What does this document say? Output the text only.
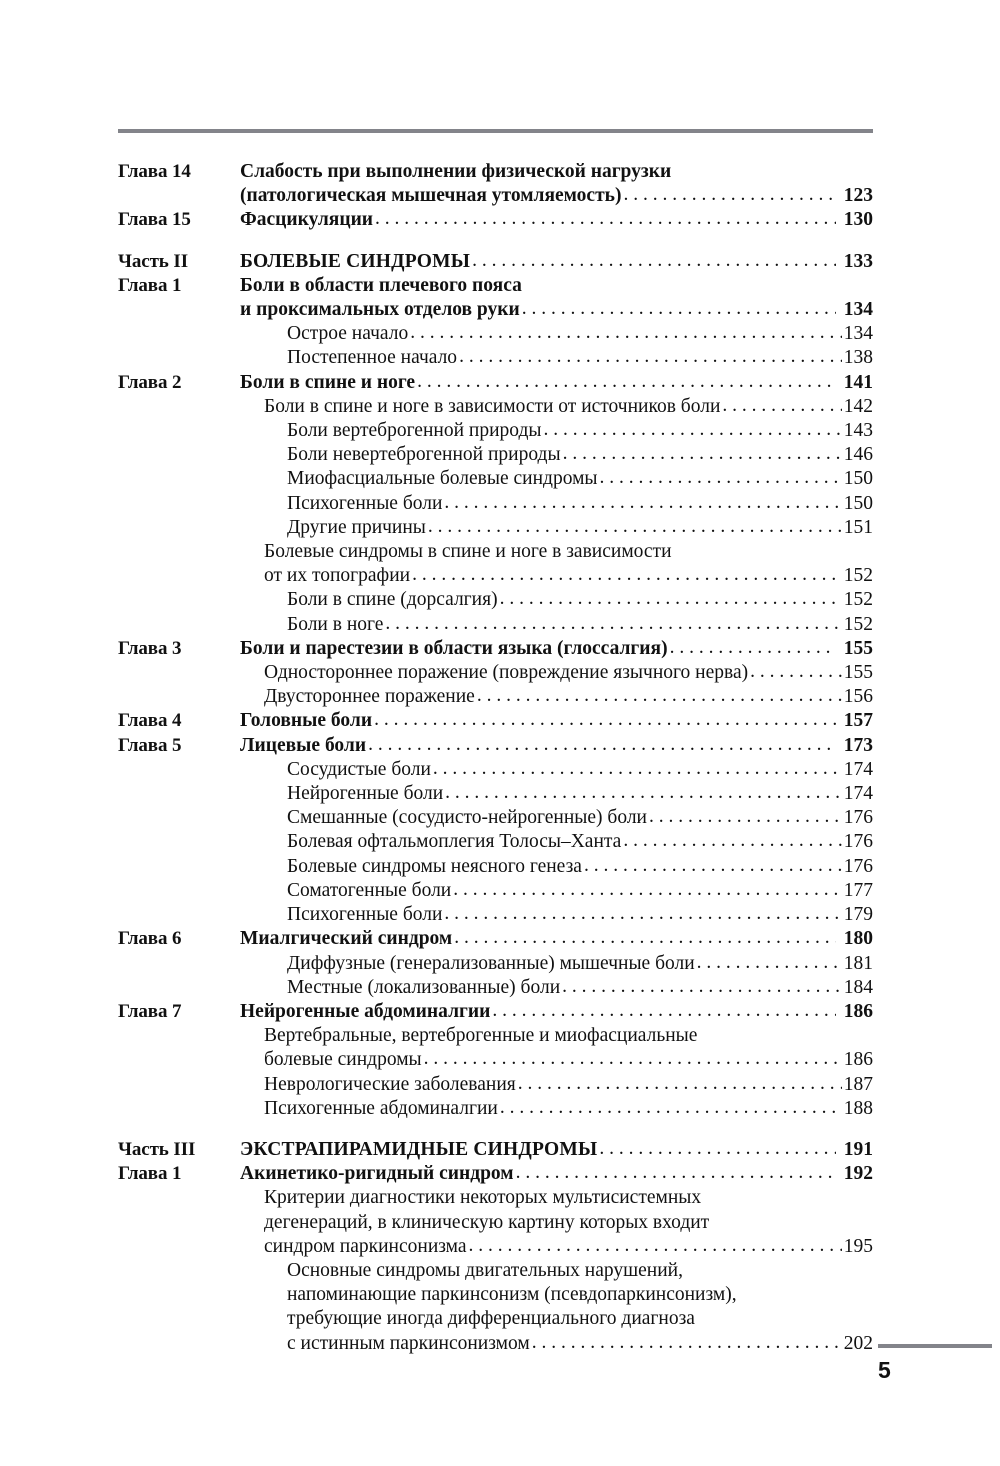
Глава 14	Слабость при выполнении физической нагрузки
(патологическая мышечная утомляемость) . . .	123
Глава 15	Фасцикуляции . . .	130
Часть II	БОЛЕВЫЕ СИНДРОМЫ . . .	133
Глава 1	Боли в области плечевого пояса
и проксимальных отделов руки . . .	134
Острое начало . . .	134
Постепенное начало . . .	138
Глава 2	Боли в спине и ноге . . .	141
Боли в спине и ноге в зависимости от источников боли . . .	142
Боли вертеброгенной природы . . .	143
Боли невертеброгенной природы . . .	146
Миофасциальные болевые синдромы . . .	150
Психогенные боли . . .	150
Другие причины . . .	151
Болевые синдромы в спине и ноге в зависимости
от их топографии . . .	152
Боли в спине (дорсалгия) . . .	152
Боли в ноге . . .	152
Глава 3	Боли и парестезии в области языка (глоссалгия) . . .	155
Одностороннее поражение (повреждение язычного нерва) . . .	155
Двустороннее поражение . . .	156
Глава 4	Головные боли . . .	157
Глава 5	Лицевые боли . . .	173
Сосудистые боли . . .	174
Нейрогенные боли . . .	174
Смешанные (сосудисто-нейрогенные) боли . . .	176
Болевая офтальмоплегия Толосы–Ханта . . .	176
Болевые синдромы неясного генеза . . .	176
Соматогенные боли . . .	177
Психогенные боли . . .	179
Глава 6	Миалгический синдром . . .	180
Диффузные (генерализованные) мышечные боли . . .	181
Местные (локализованные) боли . . .	184
Глава 7	Нейрогенные абдоминалгии . . .	186
Вертебральные, вертеброгенные и миофасциальные
болевые синдромы . . .	186
Неврологические заболевания . . .	187
Психогенные абдоминалгии . . .	188
Часть III	ЭКСТРАПИРАМИДНЫЕ СИНДРОМЫ . . .	191
Глава 1	Акинетико-ригидный синдром . . .	192
Критерии диагностики некоторых мультисистемных
дегенераций, в клиническую картину которых входит
синдром паркинсонизма . . .	195
Основные синдромы двигательных нарушений,
напоминающие паркинсонизм (псевдопаркинсонизм),
требующие иногда дифференциального диагноза
с истинным паркинсонизмом . . .	202
5
